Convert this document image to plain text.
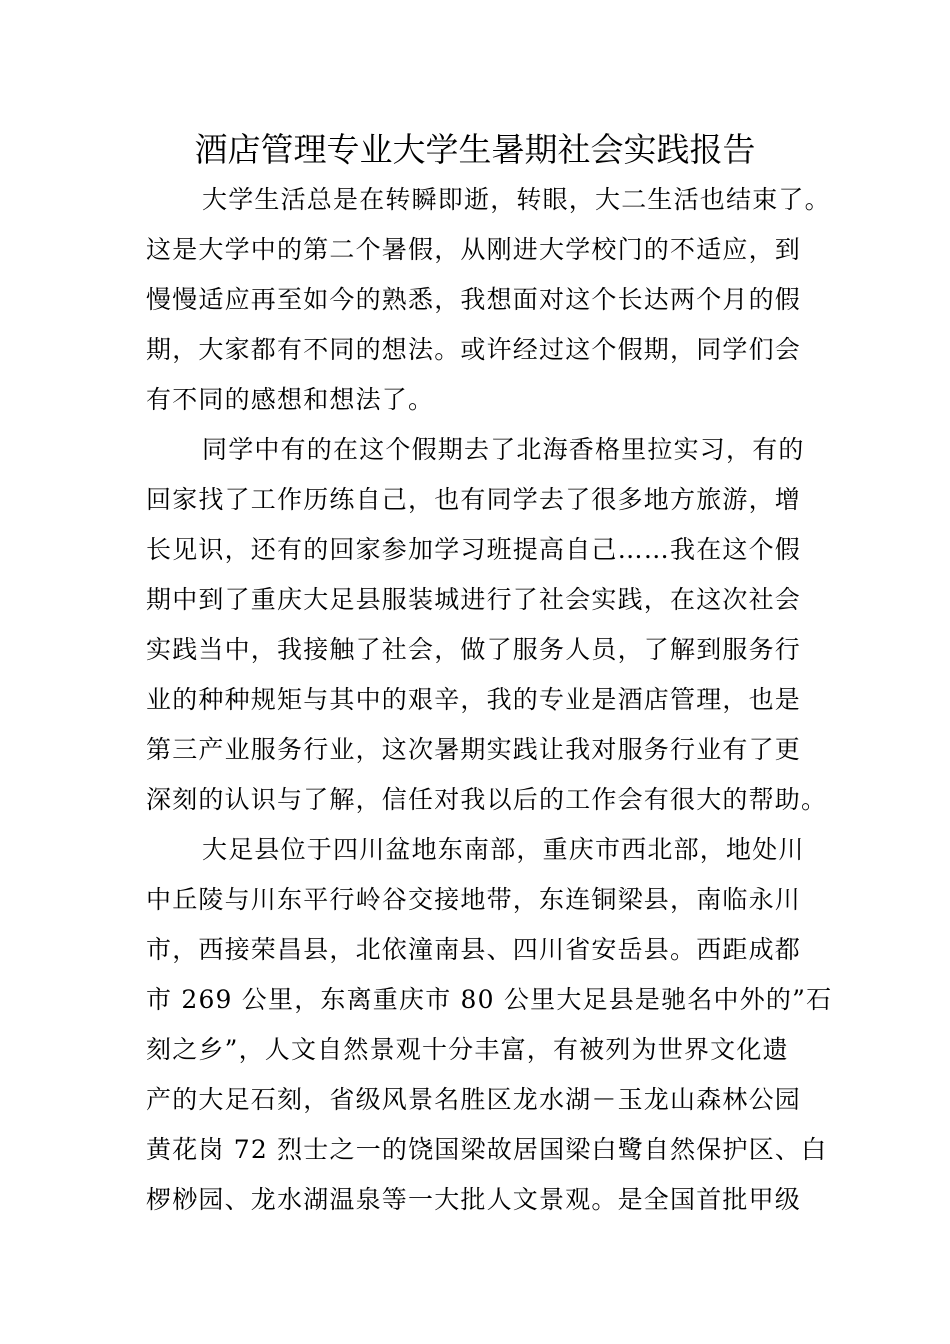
酒店管理专业大学生暑期社会实践报告
大学生活总是在转瞬即逝，转眼，大二生活也结束了。
这是大学中的第二个暑假，从刚进大学校门的不适应，到
慢慢适应再至如今的熟悉，我想面对这个长达两个月的假
期，大家都有不同的想法。或许经过这个假期，同学们会
有不同的感想和想法了。
同学中有的在这个假期去了北海香格里拉实习，有的
回家找了工作历练自己，也有同学去了很多地方旅游，增
长见识，还有的回家参加学习班提高自己……我在这个假
期中到了重庆大足县服装城进行了社会实践，在这次社会
实践当中，我接触了社会，做了服务人员，了解到服务行
业的种种规矩与其中的艰辛，我的专业是酒店管理，也是
第三产业服务行业，这次暑期实践让我对服务行业有了更
深刻的认识与了解，信任对我以后的工作会有很大的帮助。
大足县位于四川盆地东南部，重庆市西北部，地处川
中丘陵与川东平行岭谷交接地带，东连铜梁县，南临永川
市，西接荣昌县，北依潼南县、四川省安岳县。西距成都
市 269 公里，东离重庆市 80 公里大足县是驰名中外的”石
刻之乡”，人文自然景观十分丰富，有被列为世界文化遗
产的大足石刻，省级风景名胜区龙水湖－玉龙山森林公园
黄花岗 72 烈士之一的饶国梁故居国梁白鹭自然保护区、白
椤桫园、龙水湖温泉等一大批人文景观。是全国首批甲级
